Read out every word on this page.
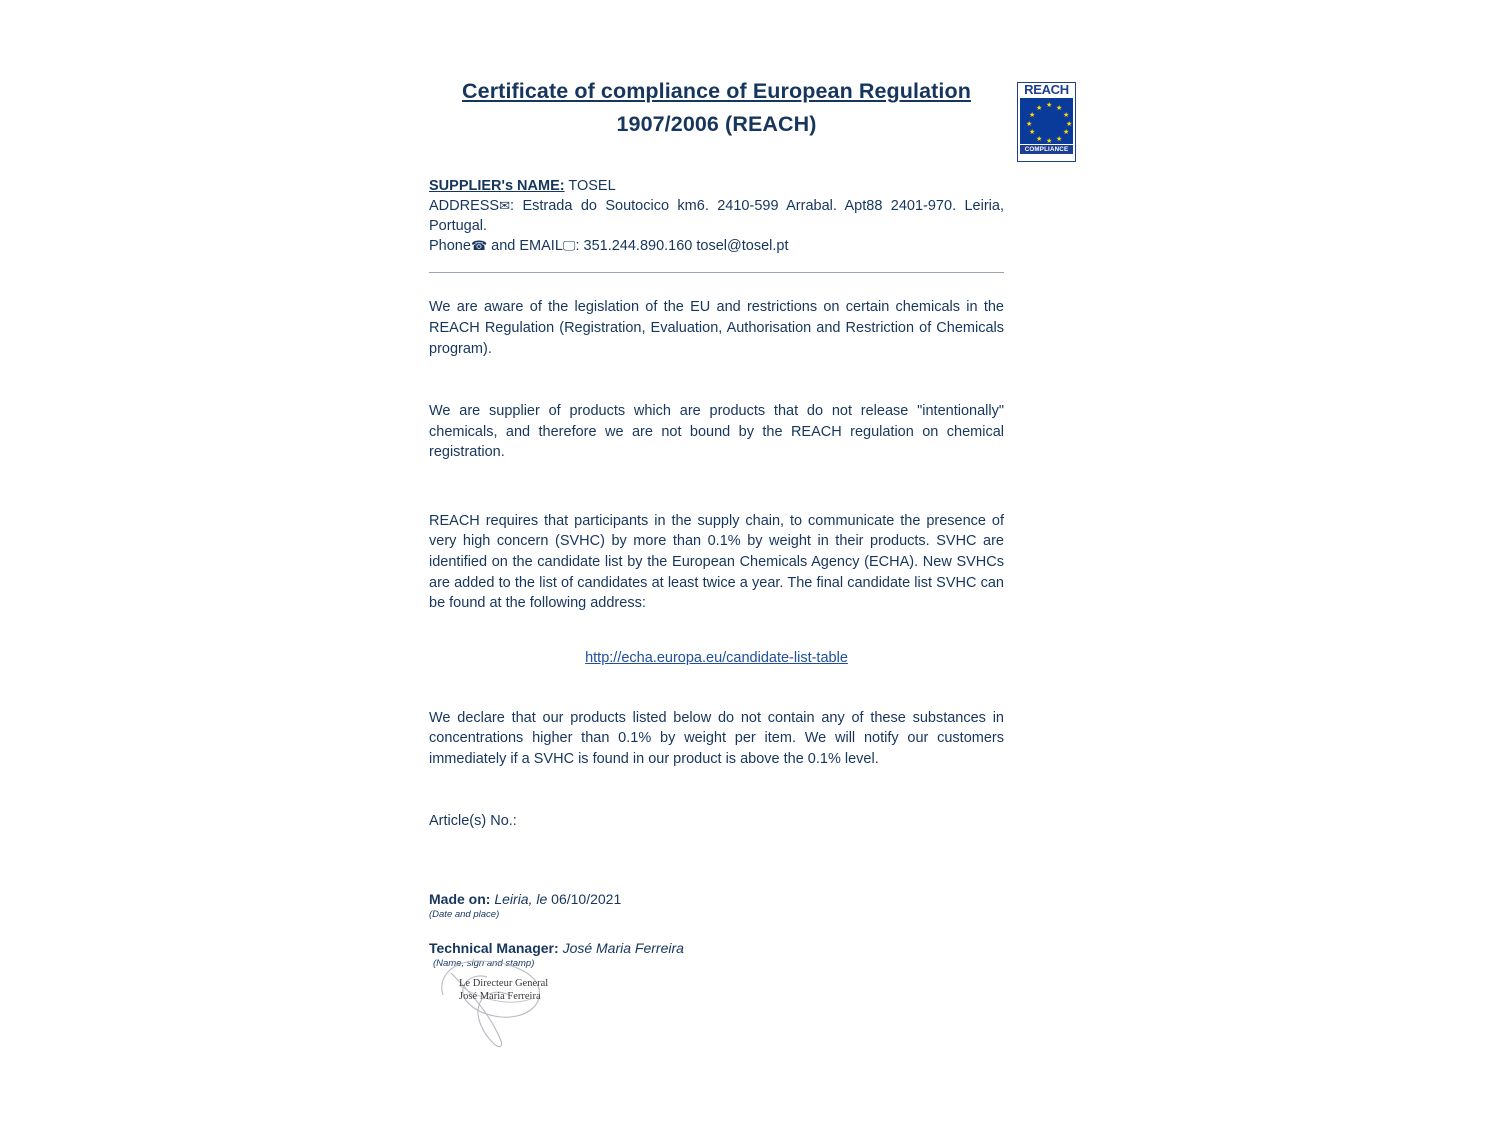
REACH
★ ★
★
★
★
★
★
★
★
★
★
★
COMPLIANCE
Certificate of compliance of European Regulation
1907/2006 (REACH)
SUPPLIER's NAME: TOSEL
ADDRESS✉: Estrada do Soutocico km6. 2410-599 Arrabal. Apt88 2401-970. Leiria, Portugal.
Phone☎ and EMAIL🖵: 351.244.890.160 tosel@tosel.pt
We are aware of the legislation of the EU and restrictions on certain chemicals in the REACH Regulation (Registration, Evaluation, Authorisation and Restriction of Chemicals program).
We are supplier of products which are products that do not release "intentionally" chemicals, and therefore we are not bound by the REACH regulation on chemical registration.
REACH requires that participants in the supply chain, to communicate the presence of very high concern (SVHC) by more than 0.1% by weight in their products. SVHC are identified on the candidate list by the European Chemicals Agency (ECHA). New SVHCs are added to the list of candidates at least twice a year. The final candidate list SVHC can be found at the following address:
http://echa.europa.eu/candidate-list-table
We declare that our products listed below do not contain any of these substances in concentrations higher than 0.1% by weight per item. We will notify our customers immediately if a SVHC is found in our product is above the 0.1% level.
Article(s) No.:
Made on: Leiria, le 06/10/2021
(Date and place)
Technical Manager: José Maria Ferreira
(Name, sign and stamp)
Le Directeur General
José Maria Ferreira
